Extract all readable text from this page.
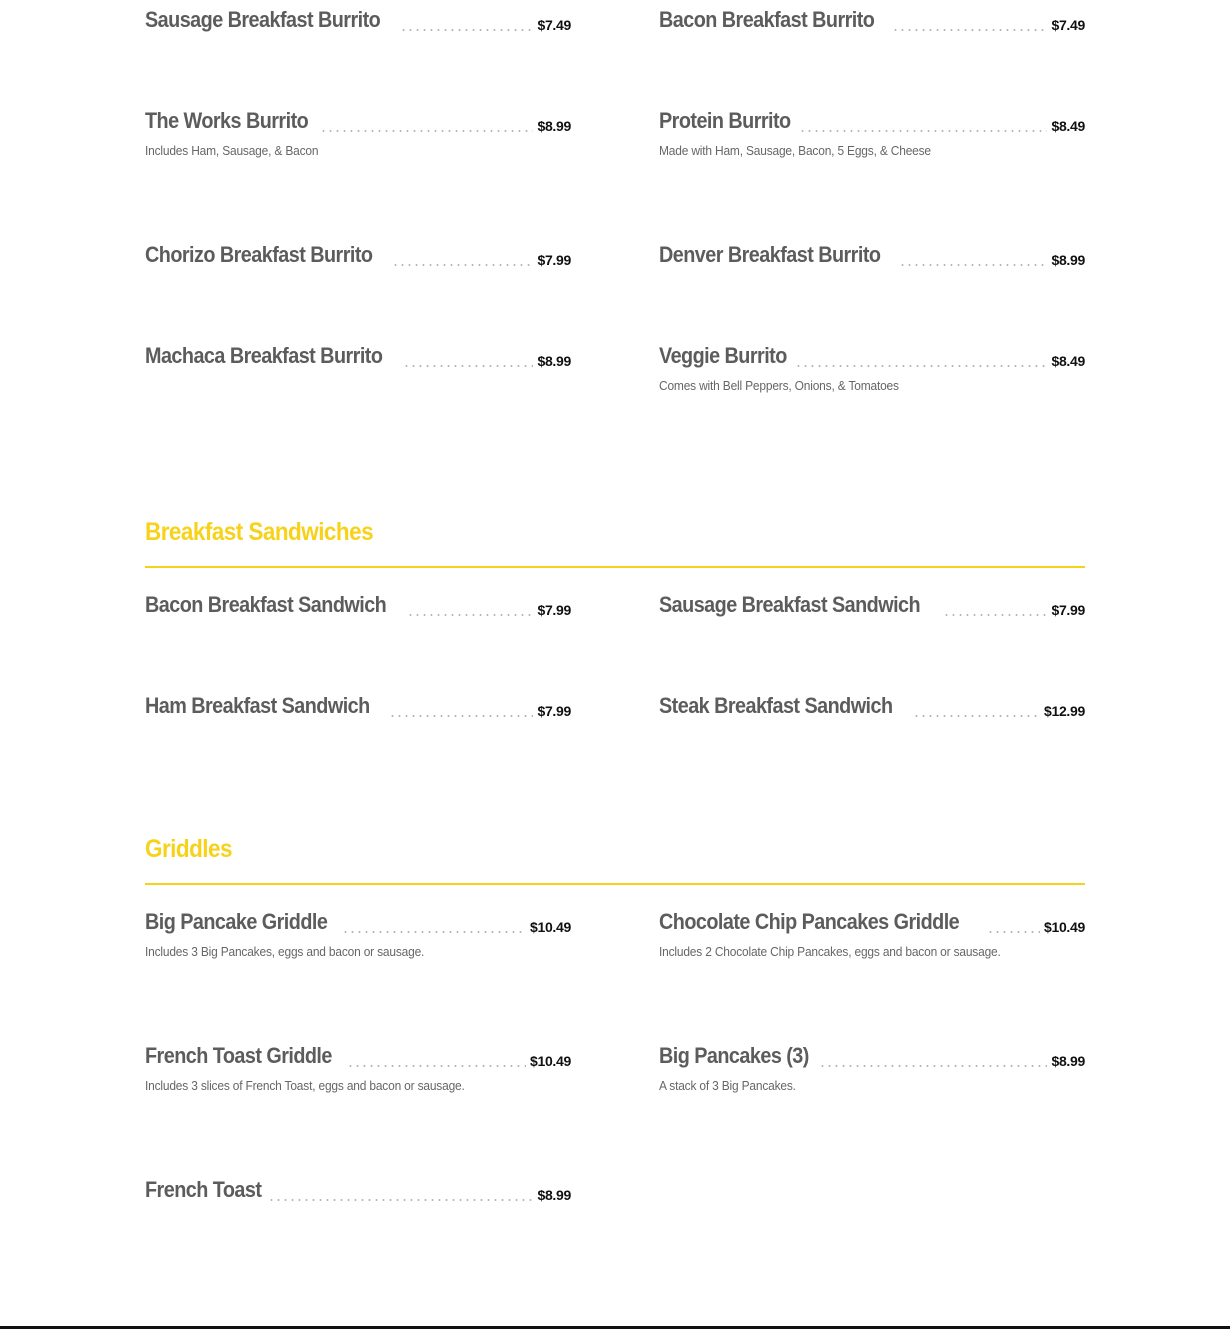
Sausage Breakfast Burrito	$7.49	Bacon Breakfast Burrito	$7.49
The Works Burrito	$8.99
Includes Ham, Sausage, & Bacon
Protein Burrito	$8.49
Made with Ham, Sausage, Bacon, 5 Eggs, & Cheese
Chorizo Breakfast Burrito	$7.99	Denver Breakfast Burrito	$8.99
Machaca Breakfast Burrito	$8.99	Veggie Burrito	$8.49
Comes with Bell Peppers, Onions, & Tomatoes
Breakfast Sandwiches
Bacon Breakfast Sandwich	$7.99	Sausage Breakfast Sandwich	$7.99
Ham Breakfast Sandwich	$7.99	Steak Breakfast Sandwich	$12.99
Griddles
Big Pancake Griddle	$10.49
Includes 3 Big Pancakes, eggs and bacon or sausage.
Chocolate Chip Pancakes Griddle	$10.49
Includes 2 Chocolate Chip Pancakes, eggs and bacon or sausage.
French Toast Griddle	$10.49
Includes 3 slices of French Toast, eggs and bacon or sausage.
Big Pancakes (3)	$8.99
A stack of 3 Big Pancakes.
French Toast	$8.99
